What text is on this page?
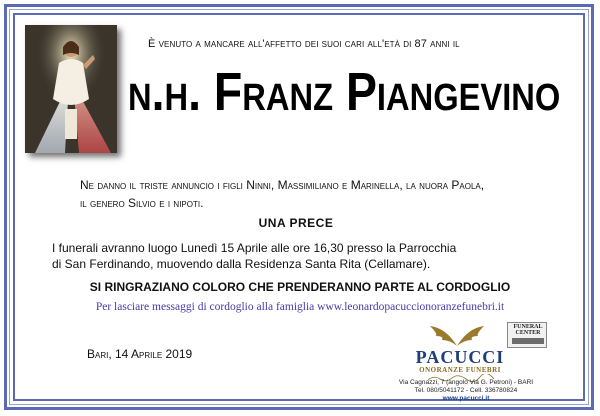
È venuto a mancare all'affetto dei suoi cari all'età di 87 anni il
n.h. Franz Piangevino
Ne danno il triste annuncio i figli Ninni, Massimiliano e Marinella, la nuora Paola,
il genero Silvio e i nipoti.
UNA PRECE
I funerali avranno luogo Lunedì 15 Aprile alle ore 16,30 presso la Parrocchia
di San Ferdinando, muovendo dalla Residenza Santa Rita (Cellamare).
SI RINGRAZIANO COLORO CHE PRENDERANNO PARTE AL CORDOGLIO
Per lasciare messaggi di cordoglio alla famiglia www.leonardopacuccionoranzefunebri.it
Bari, 14 Aprile 2019
FUNERAL CENTER
PACUCCI
ONORANZE FUNEBRI
Via Cagnazzi, 7 (angolo Via G. Petroni) - BARI
Tel. 080/5041172 - Cell. 336780824
www.pacucci.it
